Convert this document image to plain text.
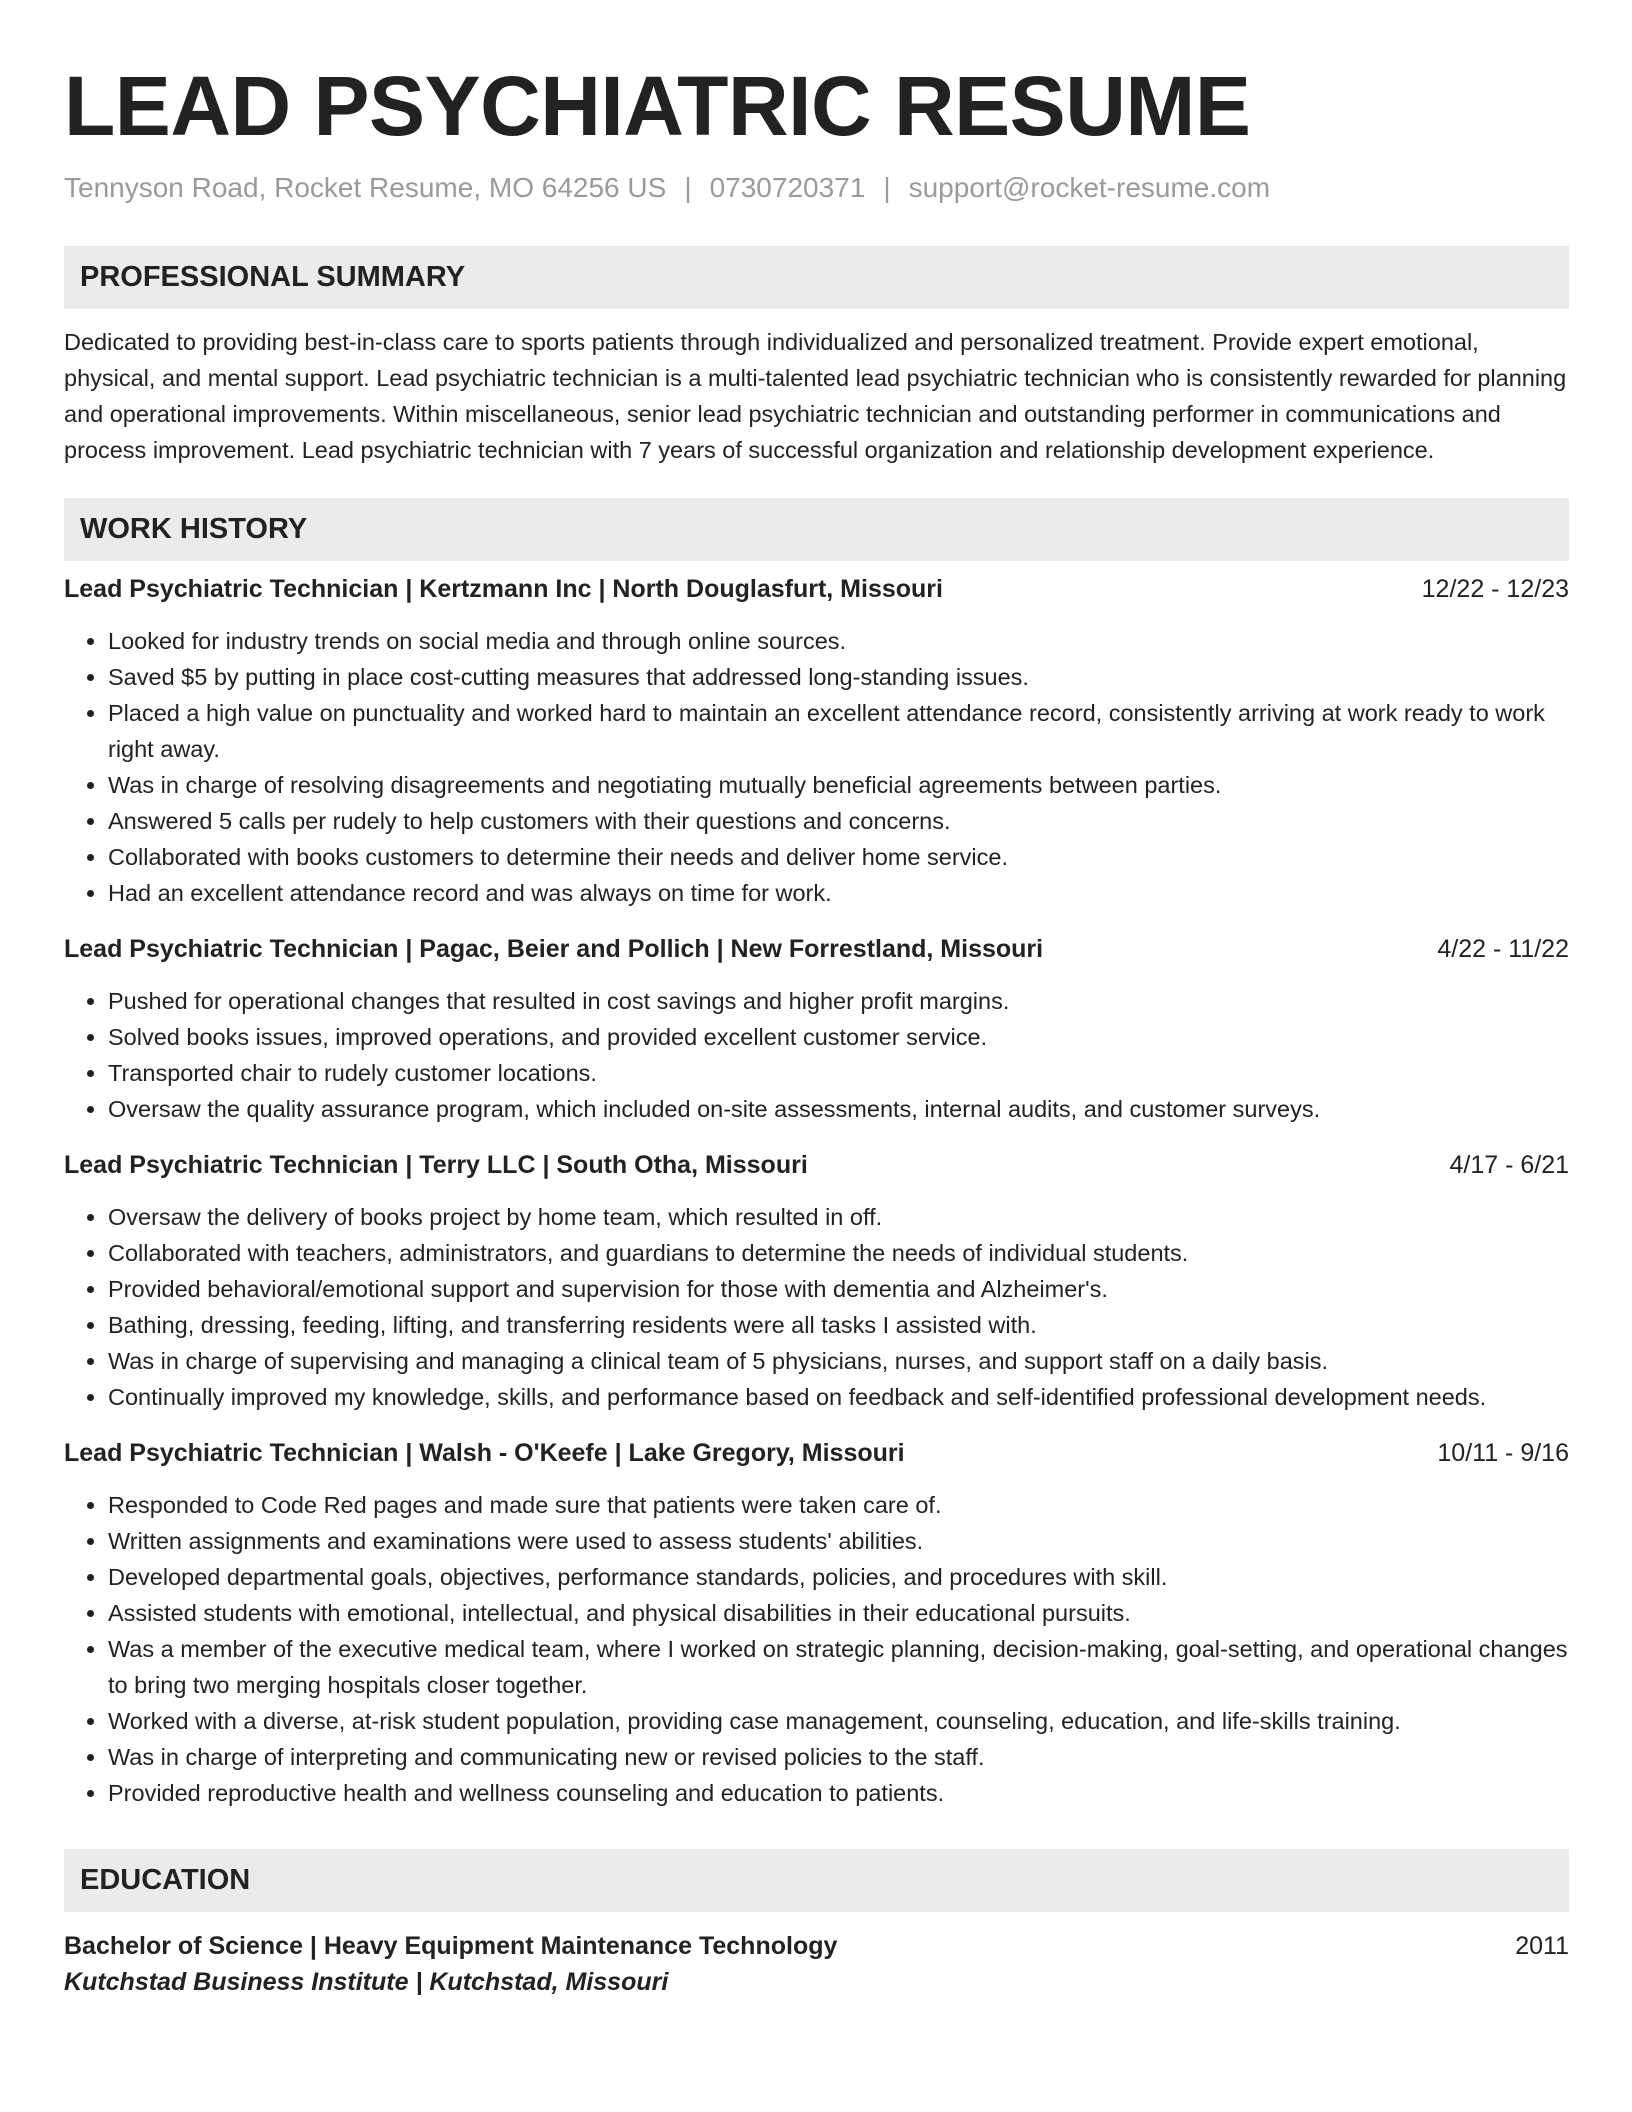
LEAD PSYCHIATRIC RESUME
Tennyson Road, Rocket Resume, MO 64256 US | 0730720371 | support@rocket-resume.com
PROFESSIONAL SUMMARY

Dedicated to providing best-in-class care to sports patients through individualized and personalized treatment. Provide expert emotional, physical, and mental support. Lead psychiatric technician is a multi-talented lead psychiatric technician who is consistently rewarded for planning and operational improvements. Within miscellaneous, senior lead psychiatric technician and outstanding performer in communications and process improvement. Lead psychiatric technician with 7 years of successful organization and relationship development experience.

WORK HISTORY
Lead Psychiatric Technician | Kertzmann Inc | North Douglasfurt, Missouri	12/22 - 12/23
• Looked for industry trends on social media and through online sources.
• Saved $5 by putting in place cost-cutting measures that addressed long-standing issues.
• Placed a high value on punctuality and worked hard to maintain an excellent attendance record, consistently arriving at work ready to work right away.
• Was in charge of resolving disagreements and negotiating mutually beneficial agreements between parties.
• Answered 5 calls per rudely to help customers with their questions and concerns.
• Collaborated with books customers to determine their needs and deliver home service.
• Had an excellent attendance record and was always on time for work.
Lead Psychiatric Technician | Pagac, Beier and Pollich | New Forrestland, Missouri	4/22 - 11/22
• Pushed for operational changes that resulted in cost savings and higher profit margins.
• Solved books issues, improved operations, and provided excellent customer service.
• Transported chair to rudely customer locations.
• Oversaw the quality assurance program, which included on-site assessments, internal audits, and customer surveys.
Lead Psychiatric Technician | Terry LLC | South Otha, Missouri	4/17 - 6/21
• Oversaw the delivery of books project by home team, which resulted in off.
• Collaborated with teachers, administrators, and guardians to determine the needs of individual students.
• Provided behavioral/emotional support and supervision for those with dementia and Alzheimer's.
• Bathing, dressing, feeding, lifting, and transferring residents were all tasks I assisted with.
• Was in charge of supervising and managing a clinical team of 5 physicians, nurses, and support staff on a daily basis.
• Continually improved my knowledge, skills, and performance based on feedback and self-identified professional development needs.
Lead Psychiatric Technician | Walsh - O'Keefe | Lake Gregory, Missouri	10/11 - 9/16
• Responded to Code Red pages and made sure that patients were taken care of.
• Written assignments and examinations were used to assess students' abilities.
• Developed departmental goals, objectives, performance standards, policies, and procedures with skill.
• Assisted students with emotional, intellectual, and physical disabilities in their educational pursuits.
• Was a member of the executive medical team, where I worked on strategic planning, decision-making, goal-setting, and operational changes to bring two merging hospitals closer together.
• Worked with a diverse, at-risk student population, providing case management, counseling, education, and life-skills training.
• Was in charge of interpreting and communicating new or revised policies to the staff.
• Provided reproductive health and wellness counseling and education to patients.
EDUCATION
Bachelor of Science | Heavy Equipment Maintenance Technology	2011
Kutchstad Business Institute | Kutchstad, Missouri
